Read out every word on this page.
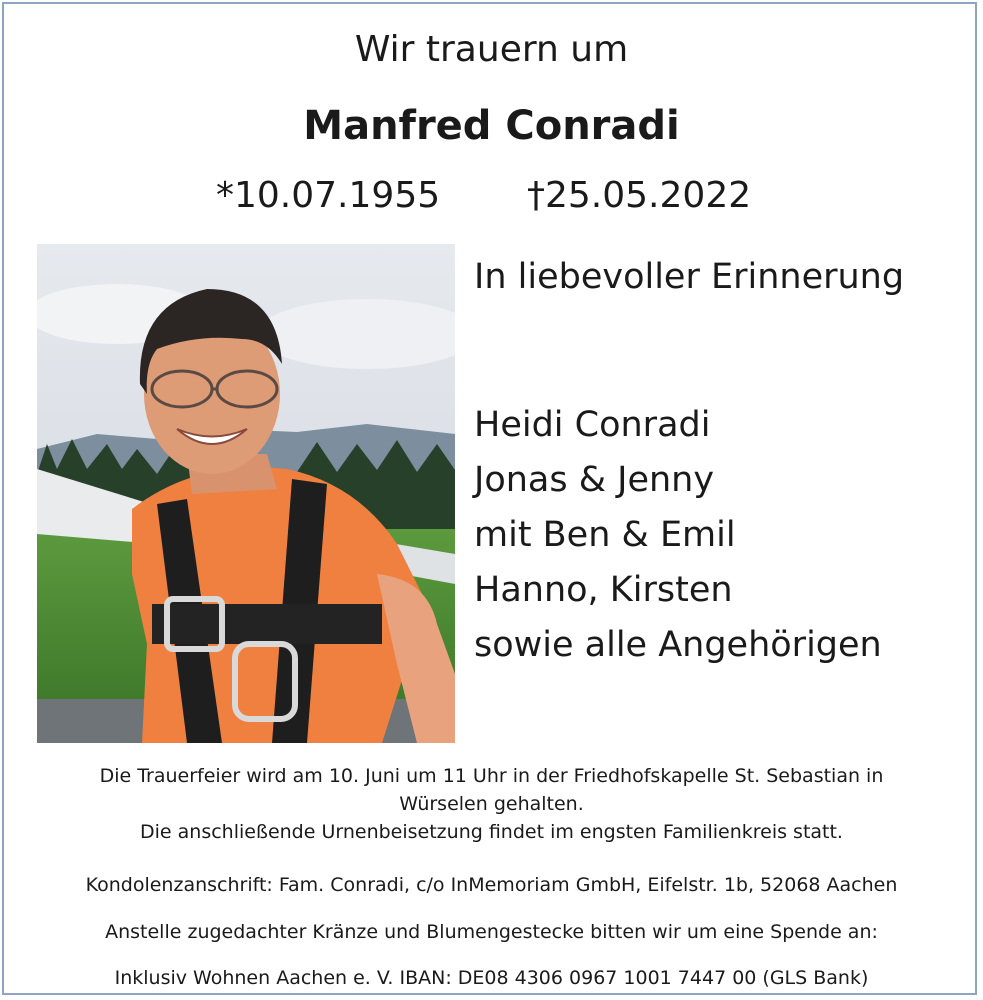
Wir trauern um
Manfred Conradi
*10.07.1955 †25.05.2022
In liebevoller Erinnerung
Heidi Conradi
Jonas & Jenny
mit Ben & Emil
Hanno, Kirsten
sowie alle Angehörigen
Die Trauerfeier wird am 10. Juni um 11 Uhr in der Friedhofskapelle St. Sebastian in
Würselen gehalten.
Die anschließende Urnenbeisetzung findet im engsten Familienkreis statt.
Kondolenzanschrift: Fam. Conradi, c/o InMemoriam GmbH, Eifelstr. 1b, 52068 Aachen
Anstelle zugedachter Kränze und Blumengestecke bitten wir um eine Spende an:
Inklusiv Wohnen Aachen e. V. IBAN: DE08 4306 0967 1001 7447 00 (GLS Bank)
